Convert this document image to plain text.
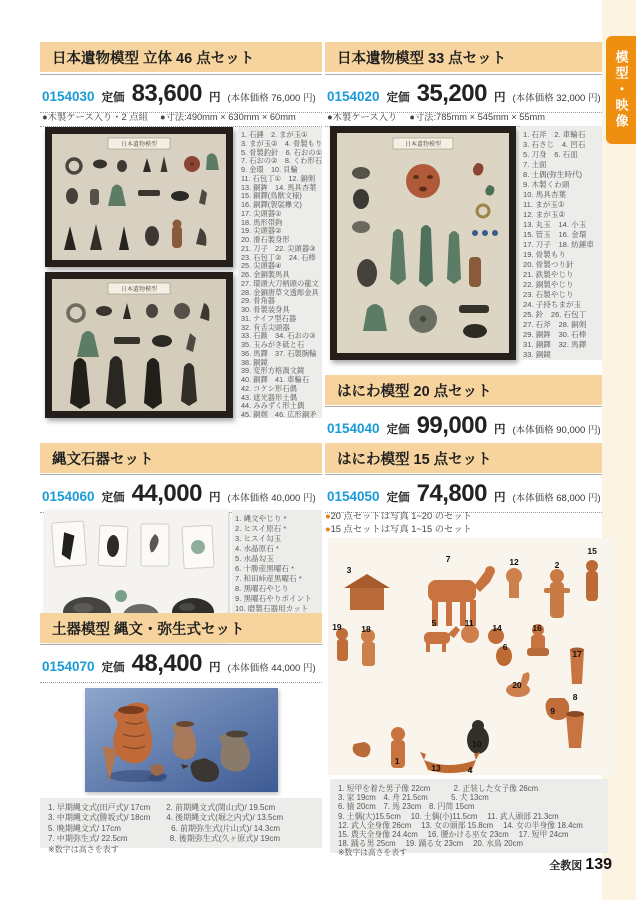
模型・映像
日本遺物模型 立体 46 点セット
0154030 定価 83,600 円 (本体価格 76,000 円)
●木製ケース入り・2 点組 ●寸法:490mm × 630mm × 60mm
日本遺物模型
日本遺物模型
1. 石錘　2. まが玉①
3. まが玉②　4. 骨製もり
5. 骨製釣針　6. 石おの①
7. 石おの②　8. くわ形石
9. 金環　10. 貝輪
11. 石包丁①　12. 銅剣
13. 銅鉾　14. 馬具杏葉
15. 銅鐸(鳥獣文様)
16. 銅鐸(袈裟襷文)
17. 尖頭器①
18. 馬形帯鉤
19. 尖頭器②
20. 滑石製身形
21. 刀子　22. 尖頭器③
23. 石包丁②　24. 石棒
25. 尖頭器④
26. 金銅製馬具
27. 環頭大刀柄頭の龍文
28. 金銅唐草文透彫金具
29. 骨角器
30. 骨製装身具
31. ナイフ型石器
32. 有舌尖頭器
33. 石鏃　34. 石おの③
35. 玉みがき砥と石
36. 馬鐸　37. 石製腕輪
38. 銅鏡
39. 変形方格渦文鏡
40. 銅鐸　41. 車輪石
42. コケシ形石偶
43. 遮光器形土偶
44. みみずく形土偶
45. 銅剣　46. 広形銅矛
縄文石器セット
0154060 定価 44,000 円 (本体価格 40,000 円)
1. 縄文やじり *
2. ヒスイ原石 *
3. ヒスイ勾玉
4. 水晶原石 *
5. 水晶勾玉
6. 十勝産黒曜石 *
7. 和田峠産黒曜石 *
8. 黒曜石やじり
9. 黒曜石やりポイント
10. 磨製石器用カット
土器模型 縄文・弥生式セット
0154070 定価 48,400 円 (本体価格 44,000 円)
1. 早期縄文式(田戸式)/ 17cm　　2. 前期縄文式(関山式)/ 19.5cm
3. 中期縄文式(勝坂式)/ 18cm　　4. 後期縄文式(堀之内式)/ 13.5cm
5. 晩期縄文式/ 17cm　　　　　　 6. 前期弥生式(片山式)/ 14.3cm
7. 中期弥生式/ 22.5cm　　　　　 8. 後期弥生式(久ヶ原式)/ 19cm
※数字は高さを表す
日本遺物模型 33 点セット
0154020 定価 35,200 円 (本体価格 32,000 円)
●木製ケース入り ●寸法:785mm × 545mm × 55mm
日本遺物模型
1. 石斧　2. 車輪石
3. 石さじ　4. 凹石
5. 刀身　6. 石皿
7. 土面
8. 土偶(弥生時代)
9. 木製くわ頭
10. 馬具杏葉
11. まが玉①
12. まが玉②
13. 丸玉　14. 小玉
15. 管玉　16. 金環
17. 刀子　18. 紡錘車
19. 骨製もり
20. 骨製つり針
21. 鉄製やじり
22. 銅製やじり
23. 石製やじり
24. 子持ちまが玉
25. 鈴　26. 石包丁
27. 石斧　28. 銅剣
29. 銅鉾　30. 石棒
31. 銅鐸　32. 馬鐸
33. 銅鏡
はにわ模型 20 点セット
0154040 定価 99,000 円 (本体価格 90,000 円)
はにわ模型 15 点セット
0154050 定価 74,800 円 (本体価格 68,000 円)
●20 点セットは写真 1~20 のセット
●15 点セットは写真 1~15 のセット
1
2
3
4
5
6
7
8
9
10
11
12
13
14
15
16
17
18
19
20
1. 短甲を着た男子像 22cm　　　2. 正装した女子像 26cm
3. 家 19cm　4. 舟 21.5cm　　　5. 犬 13cm
6. 猿 20cm　7. 馬 23cm　8. 円筒 15cm
9. 土偶(大)15.5cm　 10. 土偶(小)11.5cm　 11. 武人頭部 21.3cm
12. 武人全身像 26cm　 13. 女の頭部 15.8cm　 14. 女の半身像 18.4cm
15. 農夫全身像 24.4cm　 16. 腰かける巫女 23cm　 17. 短甲 24cm
18. 踊る男 25cm　 19. 踊る女 23cm　 20. 水鳥 20cm
※数字は高さを表す
全教図 139
